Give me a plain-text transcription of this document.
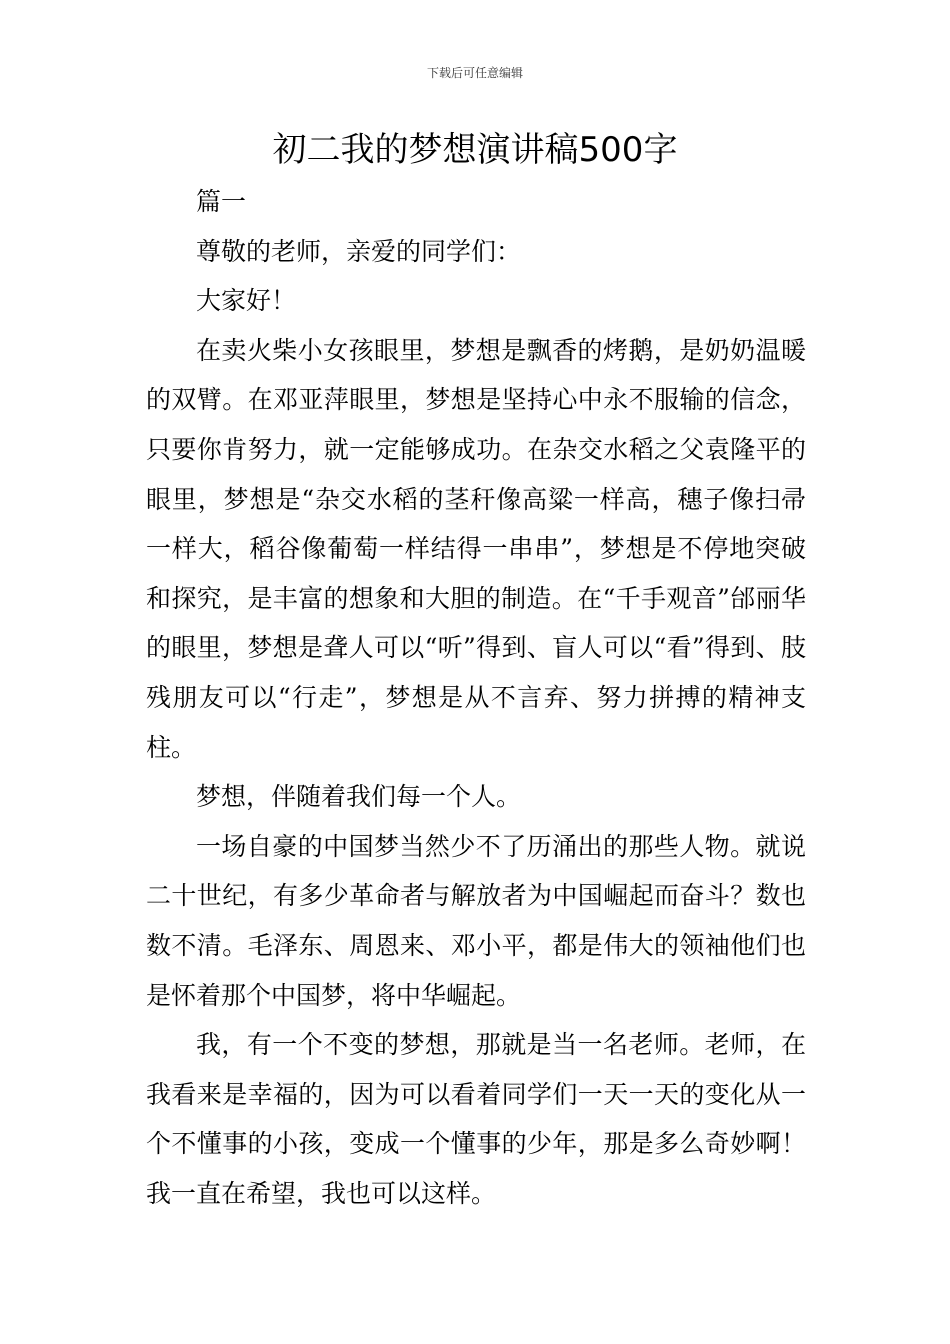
下载后可任意编辑
初二我的梦想演讲稿500字

篇一

尊敬的老师，亲爱的同学们：

大家好！

在卖火柴小女孩眼里，梦想是飘香的烤鹅，是奶奶温暖的双臂。在邓亚萍眼里，梦想是坚持心中永不服输的信念，只要你肯努力，就一定能够成功。在杂交水稻之父袁隆平的眼里，梦想是“杂交水稻的茎秆像高粱一样高，穗子像扫帚一样大，稻谷像葡萄一样结得一串串”，梦想是不停地突破和探究，是丰富的想象和大胆的制造。在“千手观音”邰丽华的眼里，梦想是聋人可以“听”得到、盲人可以“看”得到、肢残朋友可以“行走”，梦想是从不言弃、努力拼搏的精神支柱。

梦想，伴随着我们每一个人。

一场自豪的中国梦当然少不了历涌出的那些人物。就说二十世纪，有多少革命者与解放者为中国崛起而奋斗？数也数不清。毛泽东、周恩来、邓小平，都是伟大的领袖他们也是怀着那个中国梦，将中华崛起。

我，有一个不变的梦想，那就是当一名老师。老师，在我看来是幸福的，因为可以看着同学们一天一天的变化从一个不懂事的小孩，变成一个懂事的少年，那是多么奇妙啊！我一直在希望，我也可以这样。
